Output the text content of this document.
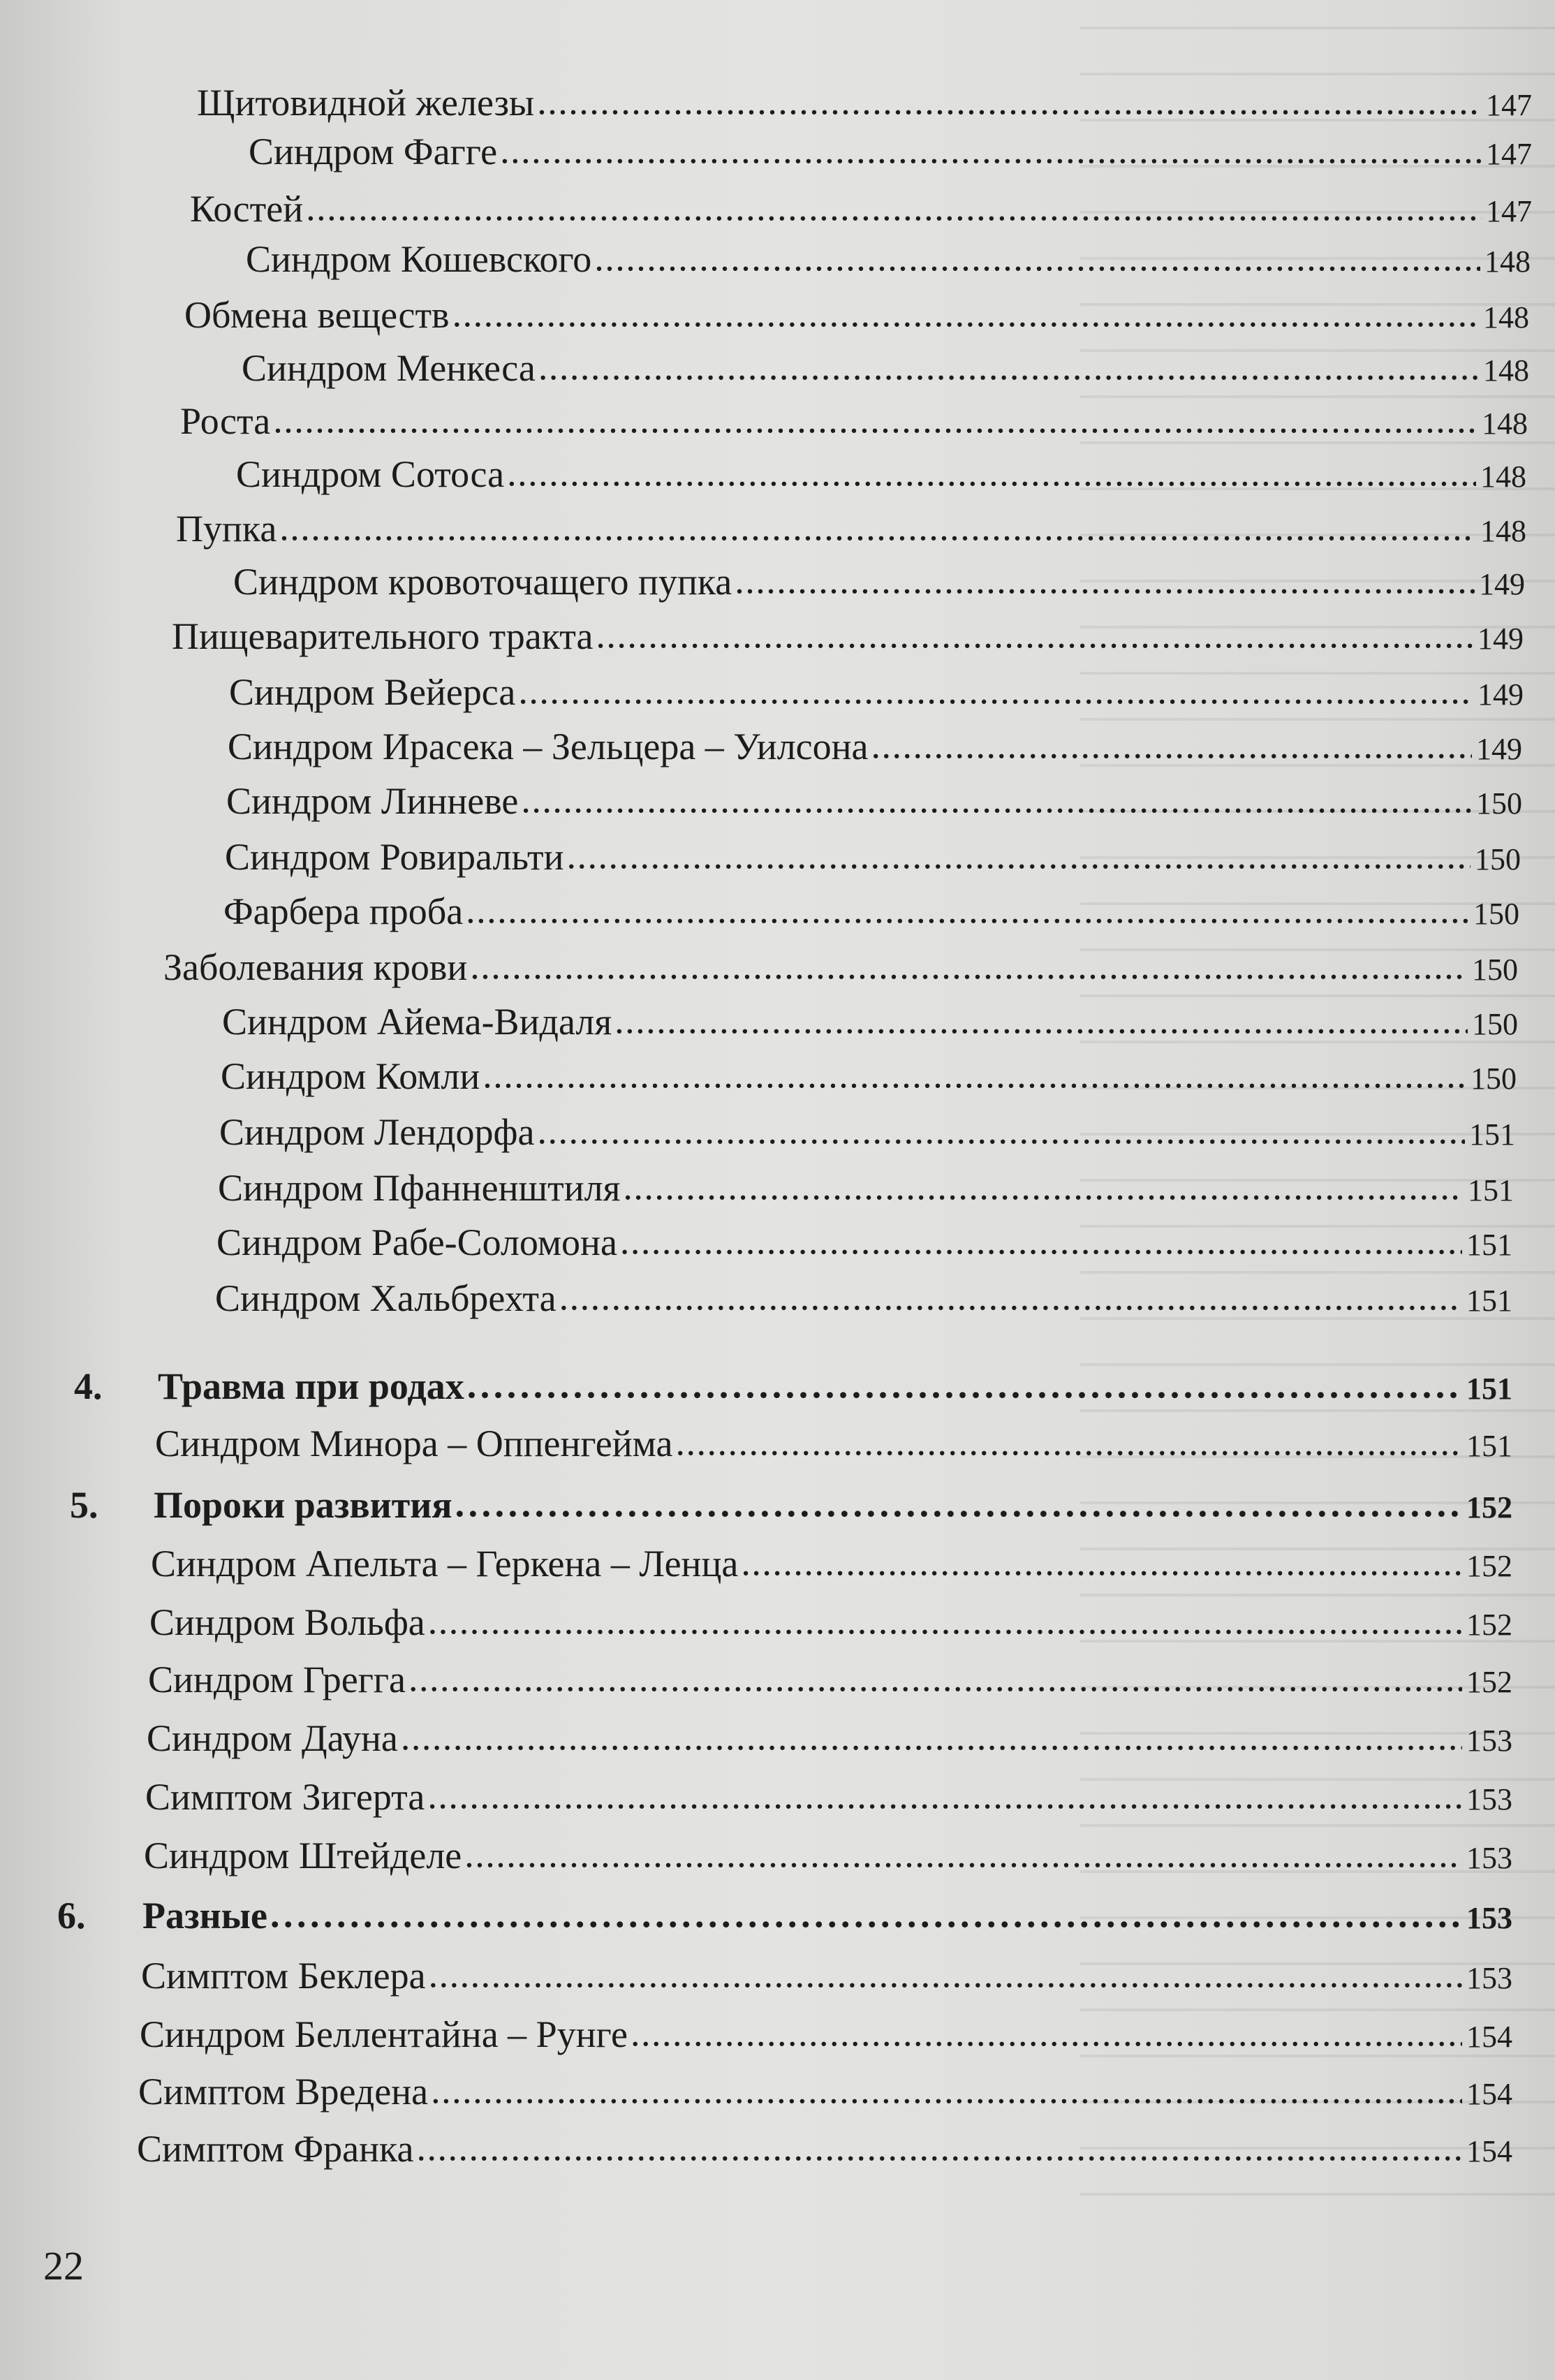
Щитовидной железы . . .	147
Синдром Фагге . . .	147
Костей . . .	147
Синдром Кошевского . . .	148
Обмена веществ . . .	148
Синдром Менкеса . . .	148
Роста . . .	148
Синдром Сотоса . . .	148
Пупка . . .	148
Синдром кровоточащего пупка . . .	149
Пищеварительного тракта . . .	149
Синдром Вейерса . . .	149
Синдром Ирасека – Зельцера – Уилсона . . .	149
Синдром Линневе . . .	150
Синдром Ровиральти . . .	150
Фарбера проба . . .	150
Заболевания крови . . .	150
Синдром Айема-Видаля . . .	150
Синдром Комли . . .	150
Синдром Лендорфа . . .	151
Синдром Пфанненштиля . . .	151
Синдром Рабе-Соломона . . .	151
Синдром Хальбрехта . . .	151
4. Травма при родах . . .	151
Синдром Минора – Оппенгейма . . .	151
5. Пороки развития . . .	152
Синдром Апельта – Геркена – Ленца . . .	152
Синдром Вольфа . . .	152
Синдром Грегга . . .	152
Синдром Дауна . . .	153
Симптом Зигерта . . .	153
Синдром Штейделе . . .	153
6. Разные . . .	153
Симптом Беклера . . .	153
Синдром Беллентайна – Рунге . . .	154
Симптом Вредена . . .	154
Симптом Франка . . .	154
22
